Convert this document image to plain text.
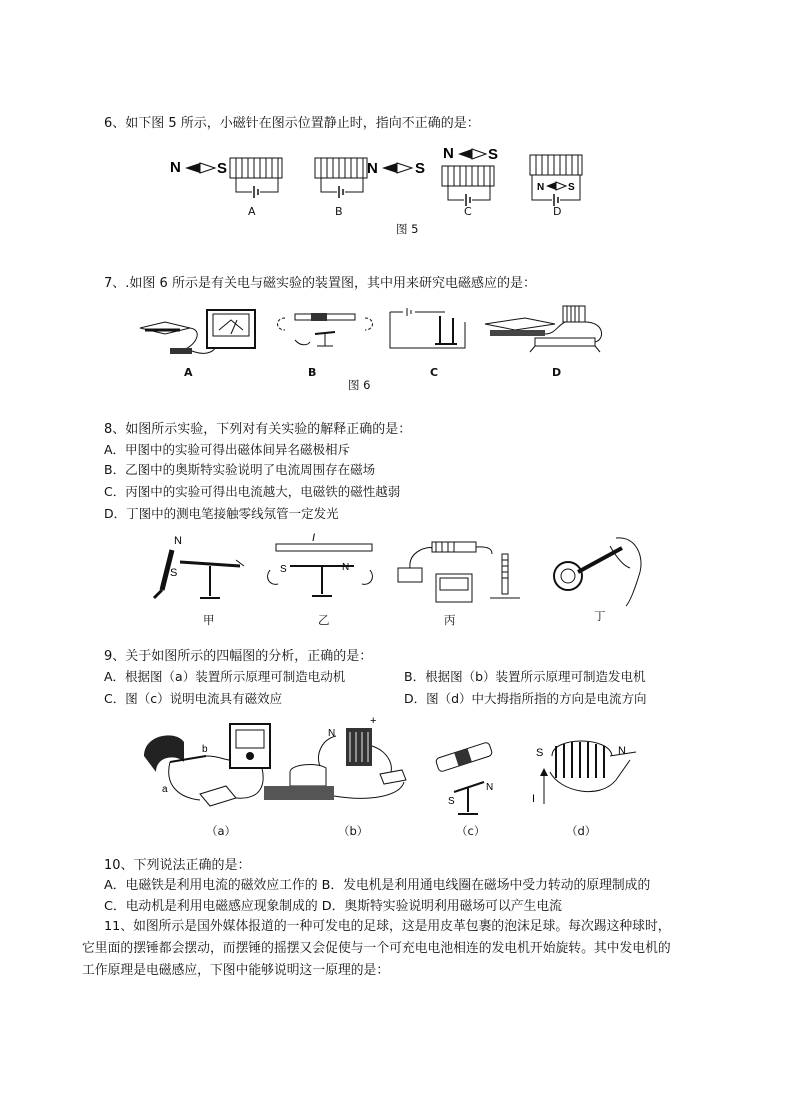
6、如下图 5 所示，小磁针在图示位置静止时，指向不正确的是：
N S	N S
N S
N S
A	B	C	D
图 5
7、.如图 6 所示是有关电与磁实验的装置图，其中用来研究电磁感应的是：
A	B	C	D
图 6
8、如图所示实验，下列对有关实验的解释正确的是：
A．甲图中的实验可得出磁体间异名磁极相斥
B．乙图中的奥斯特实验说明了电流周围存在磁场
C．丙图中的实验可得出电流越大，电磁铁的磁性越弱
D．丁图中的测电笔接触零线氖管一定发光
N
S
I
S	N
甲	乙	丙	丁
9、关于如图所示的四幅图的分析，正确的是：
A．根据图（a）装置所示原理可制造电动机	B．根据图（b）装置所示原理可制造发电机
C．图（c）说明电流具有磁效应	D．图（d）中大拇指所指的方向是电流方向
b
a
+
N
N
S
S	N
I
（a）	（b）	（c）	（d）
10、下列说法正确的是：
A．电磁铁是利用电流的磁效应工作的 B．发电机是利用通电线圈在磁场中受力转动的原理制成的
C．电动机是利用电磁感应现象制成的 D．奥斯特实验说明利用磁场可以产生电流
11、如图所示是国外媒体报道的一种可发电的足球，这是用皮革包裹的泡沫足球。每次踢这种球时，
它里面的摆锤都会摆动，而摆锤的摇摆又会促使与一个可充电电池相连的发电机开始旋转。其中发电机的
工作原理是电磁感应，下图中能够说明这一原理的是：
